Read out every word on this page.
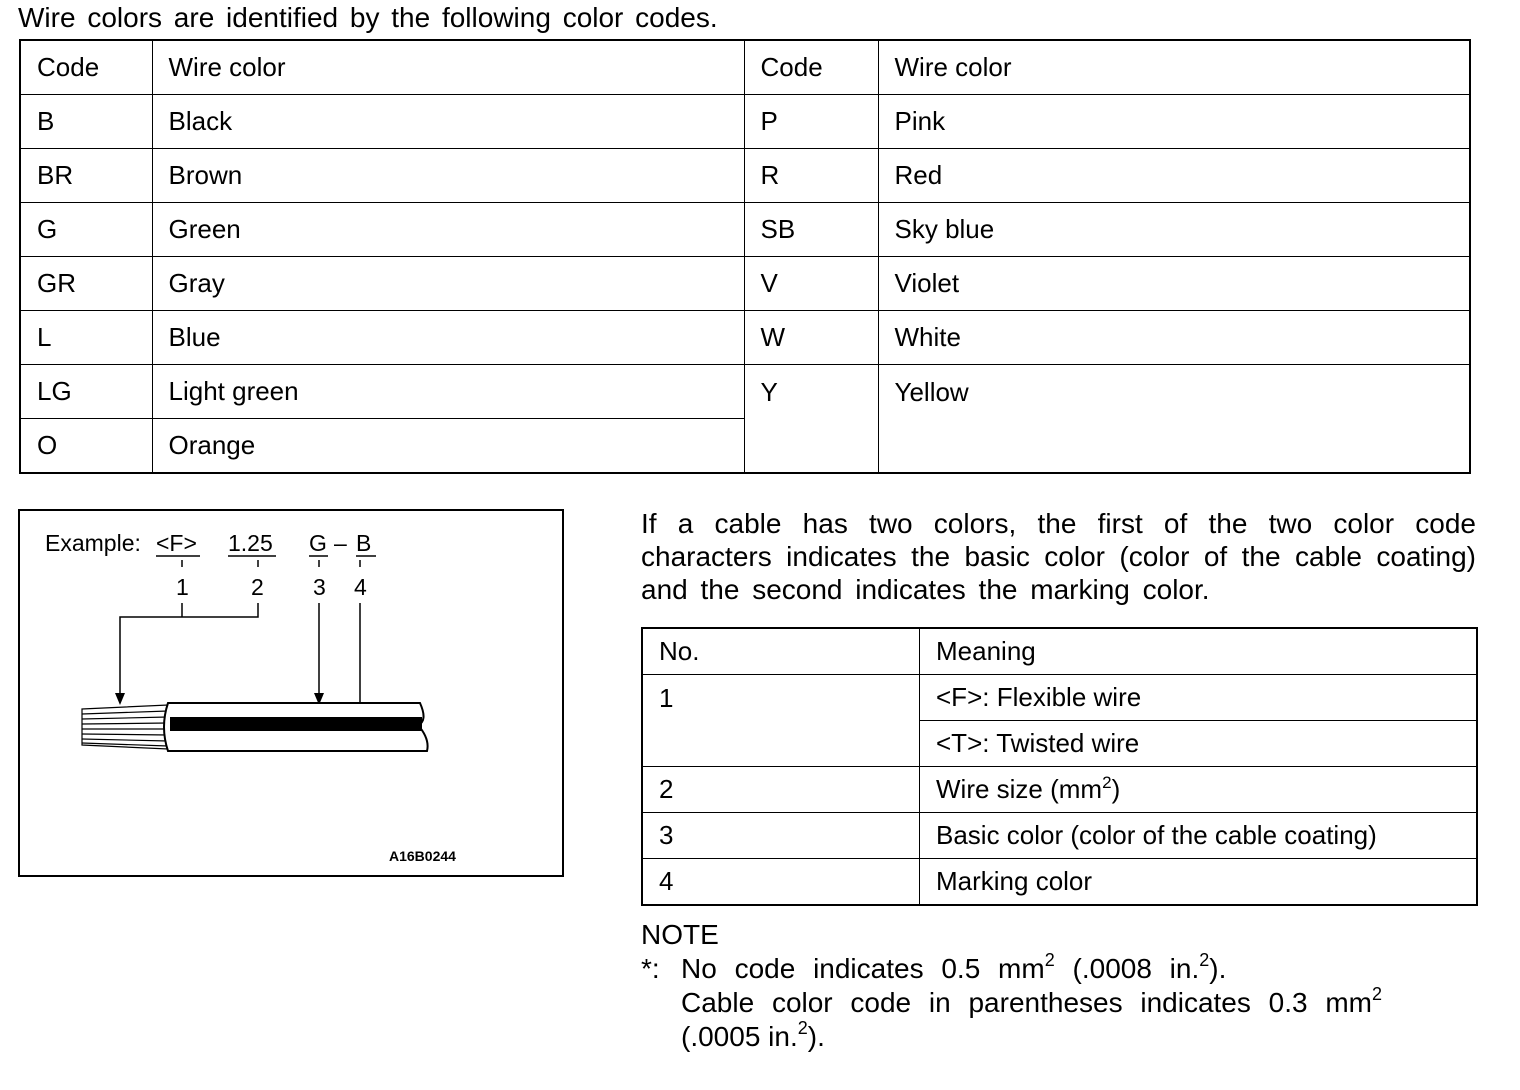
Wire colors are identified by the following color codes.
Code	Wire color	Code	Wire color
B	Black	P	Pink
BR	Brown	R	Red
G	Green	SB	Sky blue
GR	Gray	V	Violet
L	Blue	W	White
LG	Light green	Y	Yellow
O	Orange		
Example: <F> 1.25 G – B
1	2 3 4
A16B0244
If a cable has two colors, the first of the two color code
characters indicates the basic color (color of the cable coating)
and the second indicates the marking color.
No.	Meaning
1	<F>: Flexible wire
	<T>: Twisted wire
2	Wire size $(mm^2)$
3	Basic color (color of the cable coating)
4	Marking color
NOTE
*: No code indicates 0.5 $mm^2$ (.0008 in.$^2$).
Cable color code in parentheses indicates 0.3 $mm^2$
(.0005 in.$^2$).
